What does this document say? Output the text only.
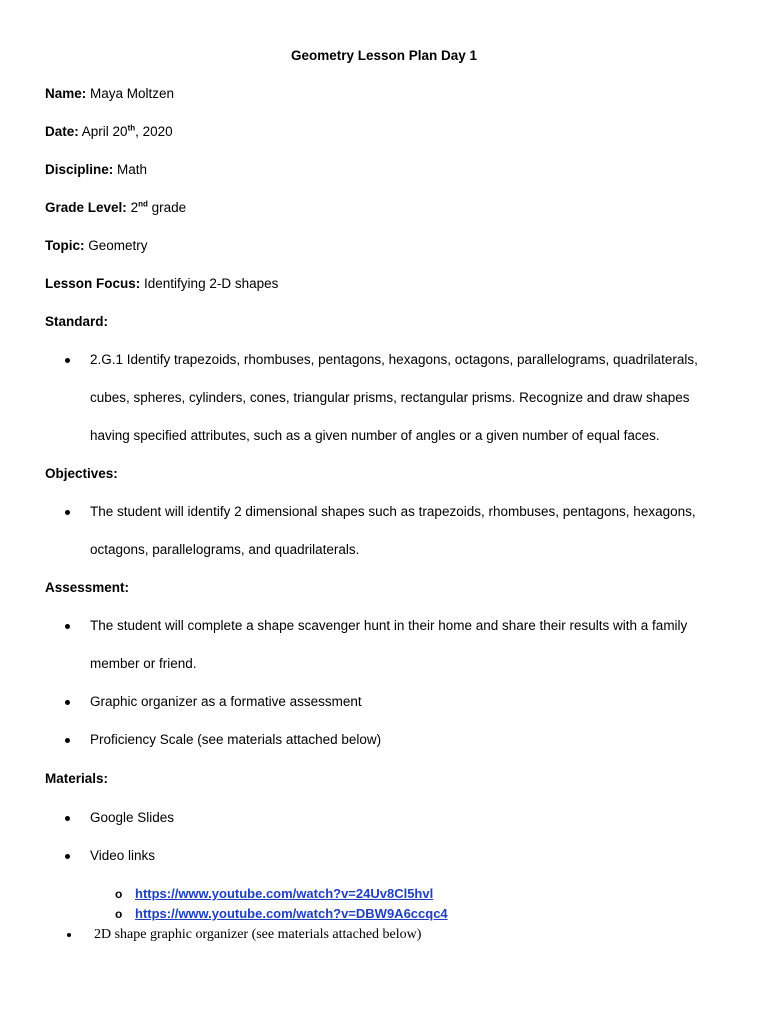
Geometry Lesson Plan Day 1
Name: Maya Moltzen
Date: April 20th, 2020
Discipline: Math
Grade Level: 2nd grade
Topic: Geometry
Lesson Focus: Identifying 2-D shapes
Standard:
2.G.1 Identify trapezoids, rhombuses, pentagons, hexagons, octagons, parallelograms, quadrilaterals,
cubes, spheres, cylinders, cones, triangular prisms, rectangular prisms. Recognize and draw shapes
having specified attributes, such as a given number of angles or a given number of equal faces.
Objectives:
The student will identify 2 dimensional shapes such as trapezoids, rhombuses, pentagons, hexagons,
octagons, parallelograms, and quadrilaterals.
Assessment:
The student will complete a shape scavenger hunt in their home and share their results with a family
member or friend.
Graphic organizer as a formative assessment
Proficiency Scale (see materials attached below)
Materials:
Google Slides
Video links
o https://www.youtube.com/watch?v=24Uv8Cl5hvl
o https://www.youtube.com/watch?v=DBW9A6ccqc4
2D shape graphic organizer (see materials attached below)
